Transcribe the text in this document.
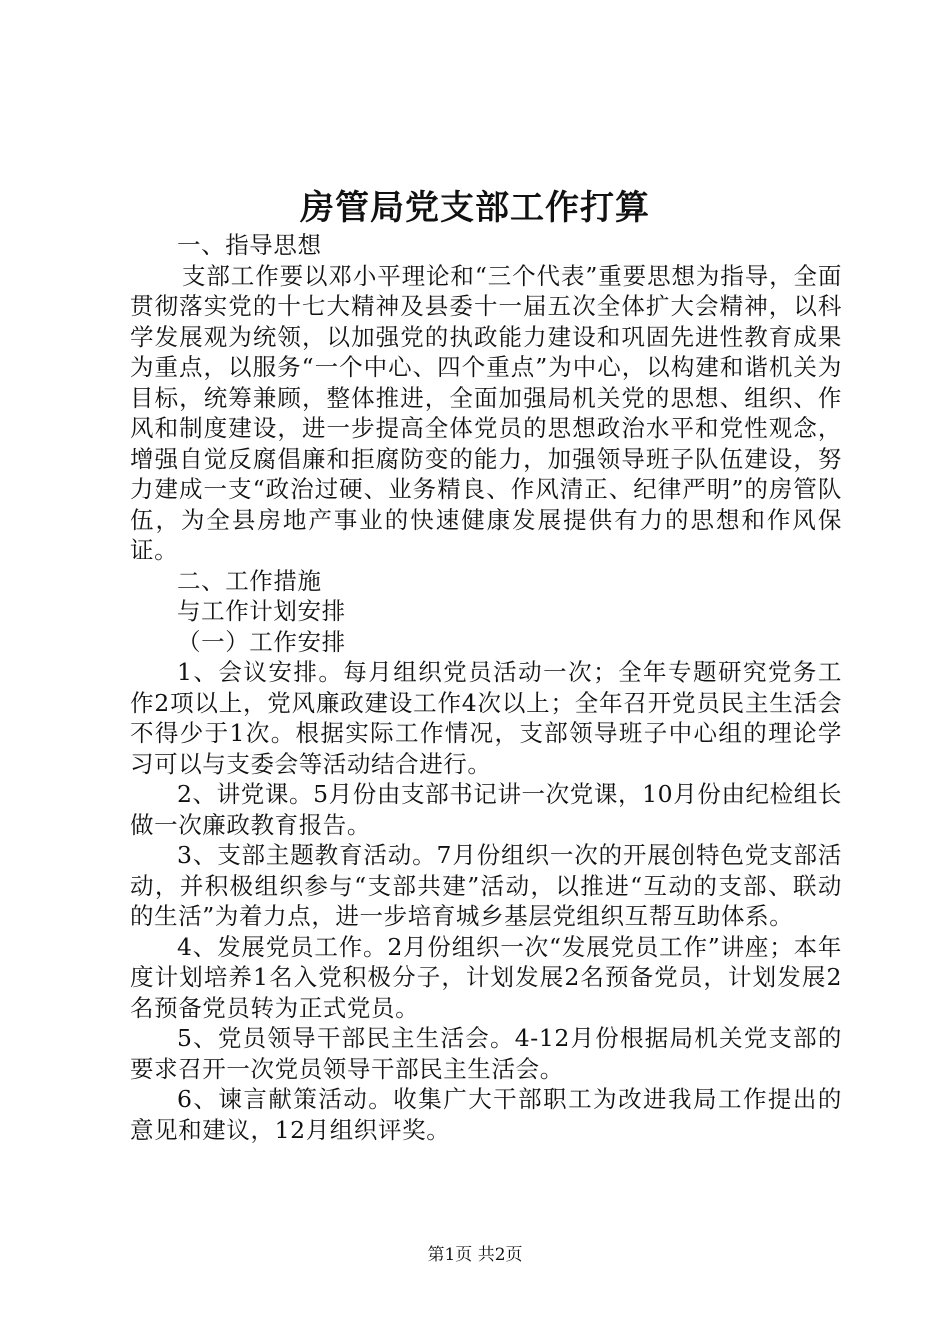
房管局党支部工作打算

一、指导思想

支部工作要以邓小平理论和“三个代表”重要思想为指导，全面贯彻落实党的十七大精神及县委十一届五次全体扩大会精神，以科学发展观为统领，以加强党的执政能力建设和巩固先进性教育成果为重点，以服务“一个中心、四个重点”为中心，以构建和谐机关为目标，统筹兼顾，整体推进，全面加强局机关党的思想、组织、作风和制度建设，进一步提高全体党员的思想政治水平和党性观念，增强自觉反腐倡廉和拒腐防变的能力，加强领导班子队伍建设，努力建成一支“政治过硬、业务精良、作风清正、纪律严明”的房管队伍，为全县房地产事业的快速健康发展提供有力的思想和作风保证。

二、工作措施

与工作计划安排

（一）工作安排

1、会议安排。每月组织党员活动一次；全年专题研究党务工作2项以上，党风廉政建设工作4次以上；全年召开党员民主生活会不得少于1次。根据实际工作情况，支部领导班子中心组的理论学习可以与支委会等活动结合进行。

2、讲党课。5月份由支部书记讲一次党课，10月份由纪检组长做一次廉政教育报告。

3、支部主题教育活动。7月份组织一次的开展创特色党支部活动，并积极组织参与“支部共建”活动，以推进“互动的支部、联动的生活”为着力点，进一步培育城乡基层党组织互帮互助体系。

4、发展党员工作。2月份组织一次“发展党员工作”讲座；本年度计划培养1名入党积极分子，计划发展2名预备党员，计划发展2名预备党员转为正式党员。

5、党员领导干部民主生活会。4-12月份根据局机关党支部的要求召开一次党员领导干部民主生活会。

6、谏言献策活动。收集广大干部职工为改进我局工作提出的意见和建议，12月组织评奖。

第1页 共2页
